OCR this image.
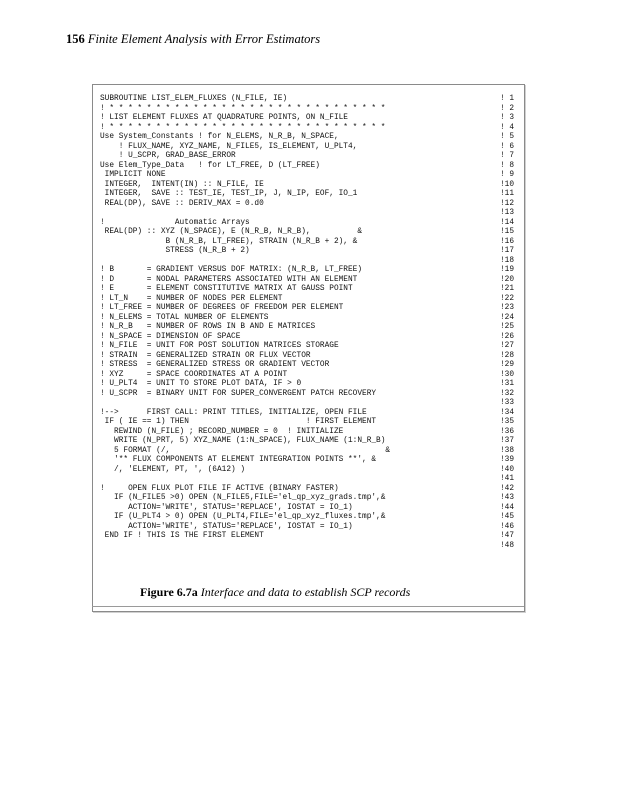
156 Finite Element Analysis with Error Estimators
SUBROUTINE LIST_ELEM_FLUXES (N_FILE, IE)	! 1
! * * * * * * * * * * * * * * * * * * * * * * * * * * * * * *	! 2
! LIST ELEMENT FLUXES AT QUADRATURE POINTS, ON N_FILE	! 3
! * * * * * * * * * * * * * * * * * * * * * * * * * * * * * *	! 4
Use System_Constants ! for N_ELEMS, N_R_B, N_SPACE,	! 5
! FLUX_NAME, XYZ_NAME, N_FILE5, IS_ELEMENT, U_PLT4,	! 6
! U_SCPR, GRAD_BASE_ERROR	! 7
Use Elem_Type_Data   ! for LT_FREE, D (LT_FREE)	! 8
IMPLICIT NONE	! 9
INTEGER,  INTENT(IN) :: N_FILE, IE	!10
INTEGER,  SAVE :: TEST_IE, TEST_IP, J, N_IP, EOF, IO_1	!11
REAL(DP), SAVE :: DERIV_MAX = 0.d0	!12
!13
!               Automatic Arrays	!14
REAL(DP) :: XYZ (N_SPACE), E (N_R_B, N_R_B),          &	!15
B (N_R_B, LT_FREE), STRAIN (N_R_B + 2), &	!16
STRESS (N_R_B + 2)	!17
!18
! B       = GRADIENT VERSUS DOF MATRIX: (N_R_B, LT_FREE)	!19
! D       = NODAL PARAMETERS ASSOCIATED WITH AN ELEMENT	!20
! E       = ELEMENT CONSTITUTIVE MATRIX AT GAUSS POINT	!21
! LT_N    = NUMBER OF NODES PER ELEMENT	!22
! LT_FREE = NUMBER OF DEGREES OF FREEDOM PER ELEMENT	!23
! N_ELEMS = TOTAL NUMBER OF ELEMENTS	!24
! N_R_B   = NUMBER OF ROWS IN B AND E MATRICES	!25
! N_SPACE = DIMENSION OF SPACE	!26
! N_FILE  = UNIT FOR POST SOLUTION MATRICES STORAGE	!27
! STRAIN  = GENERALIZED STRAIN OR FLUX VECTOR	!28
! STRESS  = GENERALIZED STRESS OR GRADIENT VECTOR	!29
! XYZ     = SPACE COORDINATES AT A POINT	!30
! U_PLT4  = UNIT TO STORE PLOT DATA, IF > 0	!31
! U_SCPR  = BINARY UNIT FOR SUPER_CONVERGENT PATCH RECOVERY	!32
!33
!-->      FIRST CALL: PRINT TITLES, INITIALIZE, OPEN FILE	!34
IF ( IE == 1) THEN                         ! FIRST ELEMENT	!35
REWIND (N_FILE) ; RECORD_NUMBER = 0  ! INITIALIZE	!36
WRITE (N_PRT, 5) XYZ_NAME (1:N_SPACE), FLUX_NAME (1:N_R_B)	!37
5 FORMAT (/,                                              &	!38
'** FLUX COMPONENTS AT ELEMENT INTEGRATION POINTS **', &	!39
/, 'ELEMENT, PT, ', (6A12) )	!40
!41
!     OPEN FLUX PLOT FILE IF ACTIVE (BINARY FASTER)	!42
IF (N_FILE5 >0) OPEN (N_FILE5,FILE='el_qp_xyz_grads.tmp',&	!43
ACTION='WRITE', STATUS='REPLACE', IOSTAT = IO_1)	!44
IF (U_PLT4 > 0) OPEN (U_PLT4,FILE='el_qp_xyz_fluxes.tmp',&	!45
ACTION='WRITE', STATUS='REPLACE', IOSTAT = IO_1)	!46
END IF ! THIS IS THE FIRST ELEMENT	!47
!48
Figure 6.7a Interface and data to establish SCP records
